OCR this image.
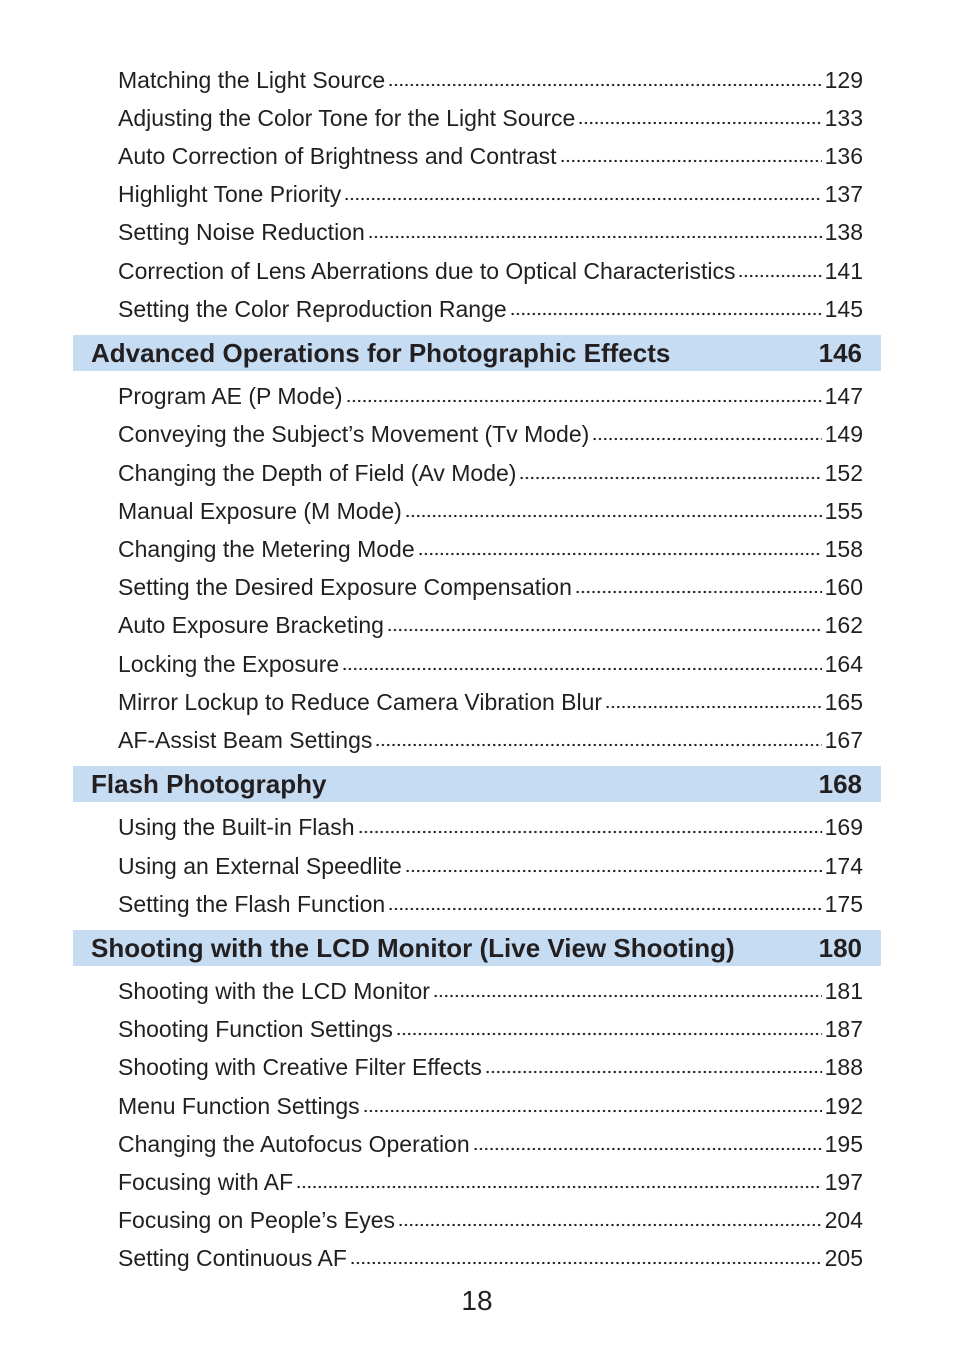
Matching the Light Source	129
Adjusting the Color Tone for the Light Source	133
Auto Correction of Brightness and Contrast	136
Highlight Tone Priority	137
Setting Noise Reduction	138
Correction of Lens Aberrations due to Optical Characteristics	141
Setting the Color Reproduction Range	145
Advanced Operations for Photographic Effects	146
Program AE (P Mode)	147
Conveying the Subject’s Movement (Tv Mode)	149
Changing the Depth of Field (Av Mode)	152
Manual Exposure (M Mode)	155
Changing the Metering Mode	158
Setting the Desired Exposure Compensation	160
Auto Exposure Bracketing	162
Locking the Exposure	164
Mirror Lockup to Reduce Camera Vibration Blur	165
AF-Assist Beam Settings	167
Flash Photography	168
Using the Built-in Flash	169
Using an External Speedlite	174
Setting the Flash Function	175
Shooting with the LCD Monitor (Live View Shooting)	180
Shooting with the LCD Monitor	181
Shooting Function Settings	187
Shooting with Creative Filter Effects	188
Menu Function Settings	192
Changing the Autofocus Operation	195
Focusing with AF	197
Focusing on People’s Eyes	204
Setting Continuous AF	205
18
